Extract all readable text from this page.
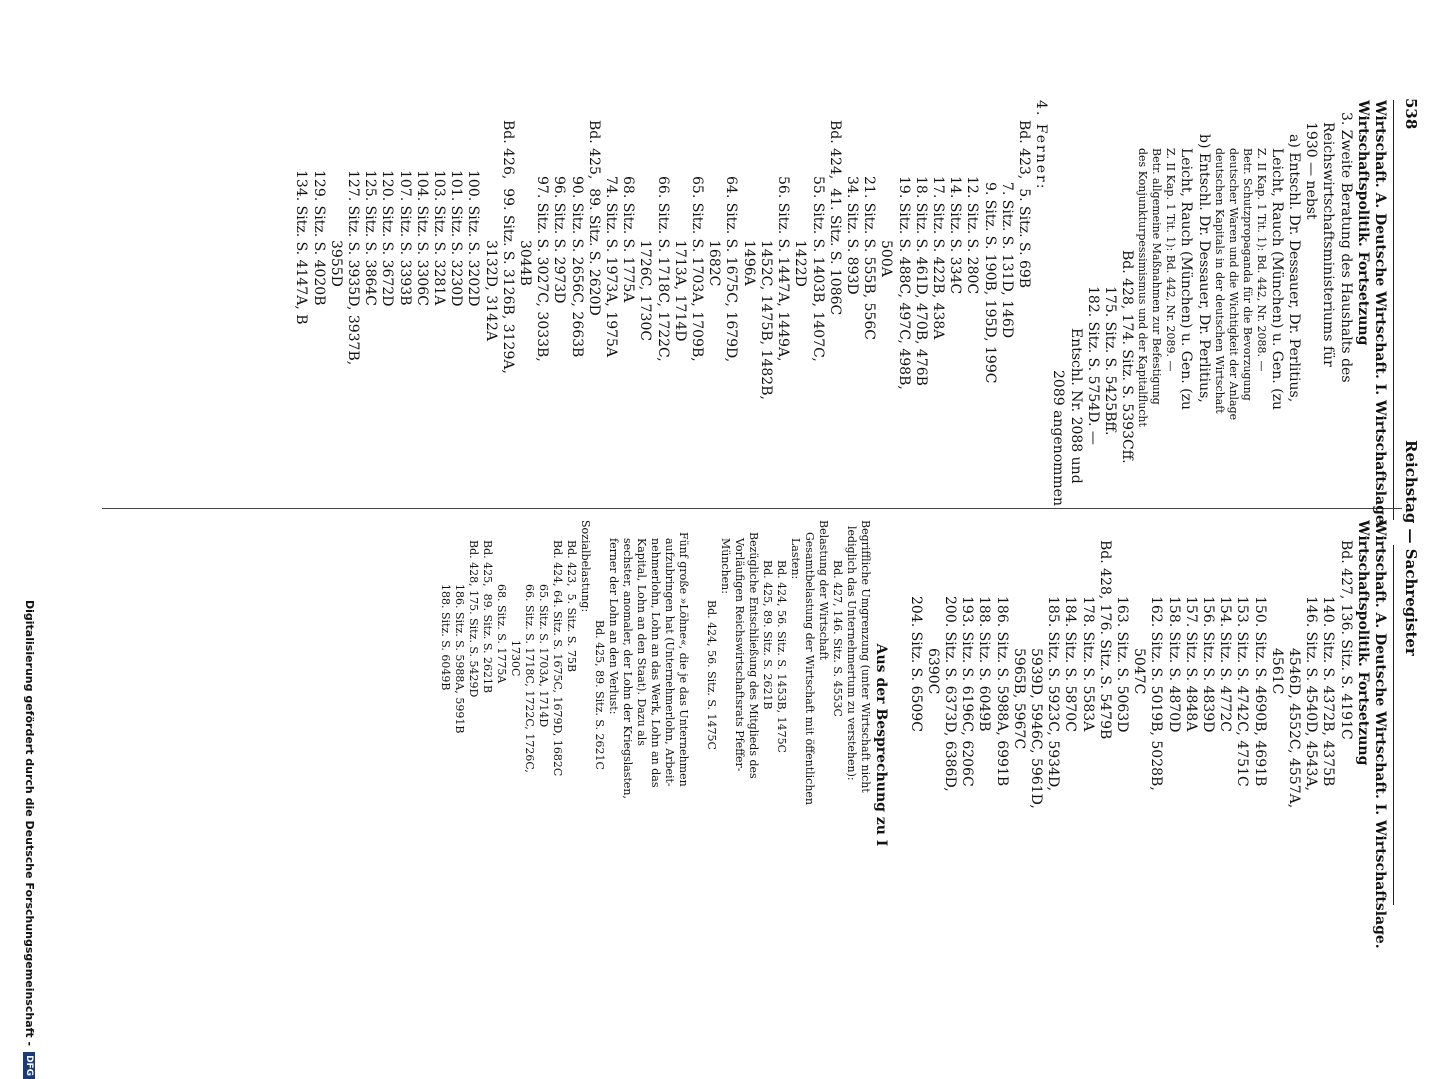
538
Reichstag — Sachregister
Wirtschaft. A. Deutsche Wirtschaft. I. Wirtschaftslage.
Wirtschaftspolitik. Fortsetzung
3. Zweite Beratung des Haushalts des
Reichswirtschaftsministeriums für
1930 — nebst
a) Entschl. Dr. Dessauer, Dr. Perlitius,
Leicht, Rauch (München) u. Gen. (zu
Z. II Kap. 1 Tit. 1): Bd. 442, Nr. 2088. —
Betr. Schutzpropaganda für die Bevorzugung
deutscher Waren und die Wichtigkeit der Anlage
deutschen Kapitals in der deutschen Wirtschaft
b) Entschl. Dr. Dessauer, Dr. Perlitius,
Leicht, Rauch (München) u. Gen. (zu
Z. II Kap. 1 Tit. 1): Bd. 442, Nr. 2089. —
Betr. allgemeine Maßnahmen zur Befestigung
des Konjunkturpessimismus und der Kapitalflucht
Bd. 428, 174. Sitz. S. 5393Cff.
175. Sitz. S. 5425Bff.
182. Sitz. S. 5754D. —
Entschl. Nr. 2088 und
2089 angenommen
4. Ferner:
Bd. 423,  5. Sitz. S. 69B
7. Sitz. S. 131D, 146D
9. Sitz. S. 190B, 195D, 199C
12. Sitz. S. 280C
14. Sitz. S. 334C
17. Sitz. S. 422B, 438A
18. Sitz. S. 461D, 470B, 476B
19. Sitz. S. 488C, 497C, 498B,
500A
21. Sitz. S. 555B, 556C
34. Sitz. S. 893D
Bd. 424,  41. Sitz. S. 1086C
55. Sitz. S. 1403B, 1407C,
1422D
56. Sitz. S. 1447A, 1449A,
1452C, 1475B, 1482B,
1496A
64. Sitz. S. 1675C, 1679D,
1682C
65. Sitz. S. 1703A, 1709B,
1713A, 1714D
66. Sitz. S. 1718C, 1722C,
1726C, 1730C
68. Sitz. S. 1775A
74. Sitz. S. 1973A, 1975A
Bd. 425,  89. Sitz. S. 2620D
90. Sitz. S. 2656C, 2663B
96. Sitz. S. 2973D
97. Sitz. S. 3027C, 3033B,
3044B
Bd. 426,  99. Sitz. S. 3126B, 3129A,
3132D, 3142A
100. Sitz. S. 3202D
101. Sitz. S. 3230D
103. Sitz. S. 3281A
104. Sitz. S. 3306C
107. Sitz. S. 3393B
120. Sitz. S. 3672D
125. Sitz. S. 3864C
127. Sitz. S. 3935D, 3937B,
3955D
129. Sitz. S. 4020B
134. Sitz. S. 4147A, B
Wirtschaft. A. Deutsche Wirtschaft. I. Wirtschaftslage.
Wirtschaftspolitik. Fortsetzung
Bd. 427, 136. Sitz. S. 4191C
140. Sitz. S. 4372B, 4375B
146. Sitz. S. 4540D, 4543A,
4546D, 4552C, 4557A,
4561C
150. Sitz. S. 4690B, 4691B
153. Sitz. S. 4742C, 4751C
154. Sitz. S. 4772C
156. Sitz. S. 4839D
157. Sitz. S. 4848A
158. Sitz. S. 4870D
162. Sitz. S. 5019B, 5028B,
5047C
163. Sitz. S. 5063D
Bd. 428, 176. Sitz. S. 5479B
178. Sitz. S. 5583A
184. Sitz. S. 5870C
185. Sitz. S. 5923C, 5934D,
5939D, 5946C, 5961D,
5965B, 5967C
186. Sitz. S. 5988A, 6991B
188. Sitz. S. 6049B
193. Sitz. S. 6196C, 6206C
200. Sitz. S. 6373D, 6386D,
6390C
204. Sitz. S. 6509C

Aus der Besprechung zu I
Begriffliche Umgrenzung (unter Wirtschaft nicht
lediglich das Unternehmertum zu verstehen):
Bd. 427, 146. Sitz. S. 4553C
Belastung der Wirtschaft
Gesamtbelastung der Wirtschaft mit öffentlichen
Lasten:
Bd. 424, 56. Sitz. S. 1453B, 1475C
Bd. 425, 89. Sitz. S. 2621B
Bezügliche Entschließung des Mitglieds des
Vorläufigen Reichswirtschaftsrats Pfeffer-
München:
Bd. 424, 56. Sitz. S. 1475C

Fünf große »Löhne«, die je das Unternehmen
aufzubringen hat (Unternehmerlohn, Arbeit-
nehmerlohn, Lohn an das Werk, Lohn an das
Kapital, Lohn an den Staat). Dazu als
sechster, anomaler, der Lohn der Kriegslasten,
ferner der Lohn an den Verlust:
Bd. 425, 89. Sitz. S. 2621C
Sozialbelastung:
Bd. 423,  5. Sitz. S. 75B
Bd. 424, 64. Sitz. S. 1675C, 1679D, 1682C
65. Sitz. S. 1703A, 1714D
66. Sitz. S. 1718C, 1722C, 1726C,
1730C
68. Sitz. S. 1775A
Bd. 425,  89. Sitz. S. 2621B
Bd. 428, 175. Sitz. S. 5429D
186. Sitz. S. 5988A, 5991B
188. Sitz. S. 6049B
Digitalisierung gefördert durch die Deutsche Forschungsgemeinschaft -DFG
